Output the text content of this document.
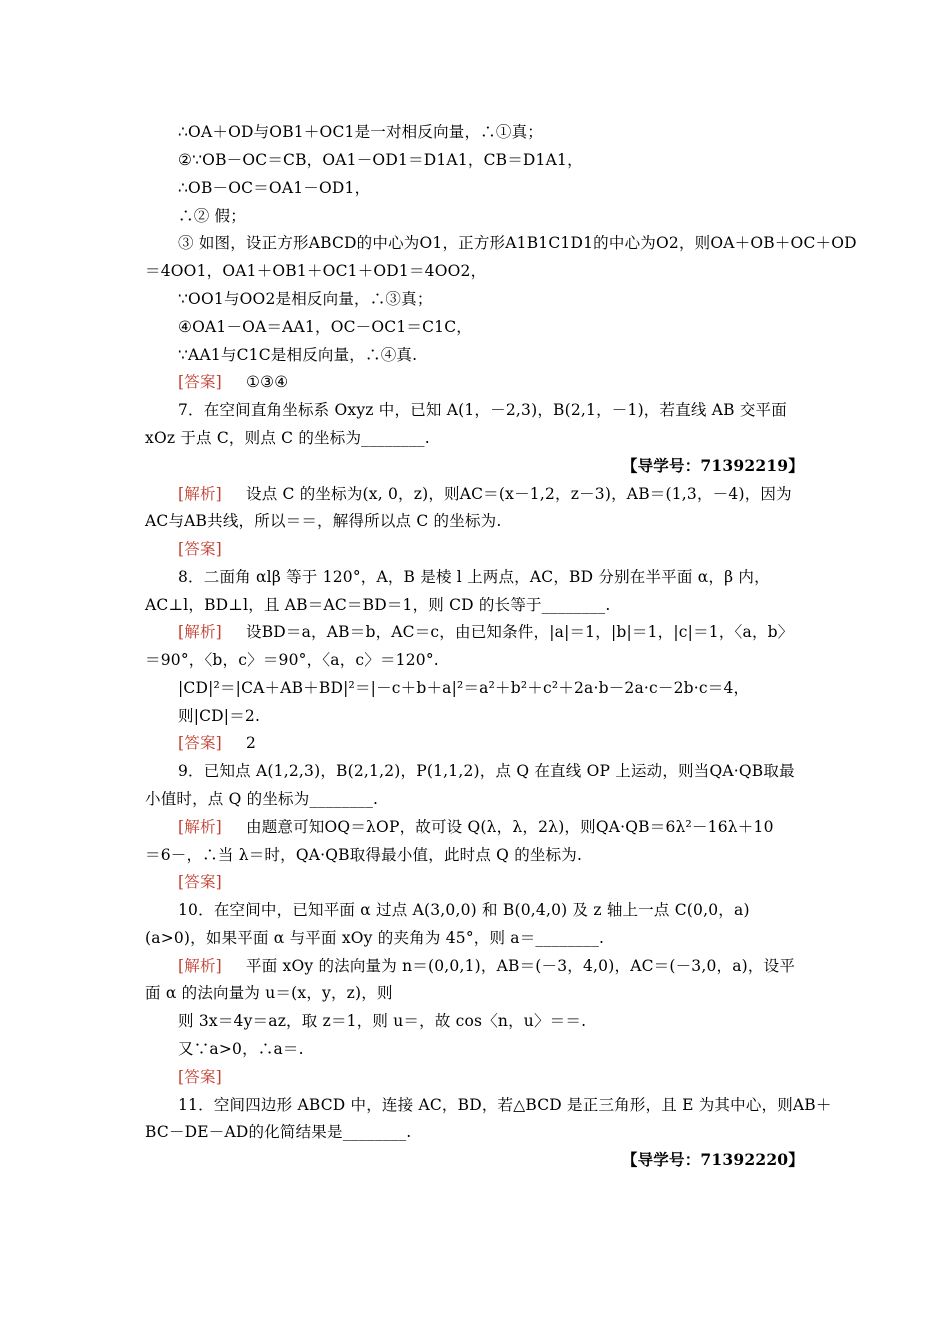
∴OA＋OD与OB1＋OC1是一对相反向量，∴①真；
②∵OB－OC＝CB，OA1－OD1＝D1A1，CB＝D1A1，
∴OB－OC＝OA1－OD1，
∴② 假；
③ 如图，设正方形ABCD的中心为O1，正方形A1B1C1D1的中心为O2，则OA＋OB＋OC＋OD
＝4OO1，OA1＋OB1＋OC1＋OD1＝4OO2，
∵OO1与OO2是相反向量，∴③真；
④OA1－OA＝AA1，OC－OC1＝C1C，
∵AA1与C1C是相反向量，∴④真.
[答案] ①③④
7．在空间直角坐标系 Oxyz 中，已知 A(1，－2,3)，B(2,1，－1)，若直线 AB 交平面
xOz 于点 C，则点 C 的坐标为________.
【导学号：71392219】
[解析] 设点 C 的坐标为(x, 0，z)，则AC＝(x－1,2，z－3)，AB＝(1,3，－4)，因为
AC与AB共线，所以＝＝，解得所以点 C 的坐标为.
[答案]
8．二面角 αlβ 等于 120°，A，B 是棱 l 上两点，AC，BD 分别在半平面 α，β 内，
AC⊥l，BD⊥l，且 AB＝AC＝BD＝1，则 CD 的长等于________.
[解析] 设BD＝a，AB＝b，AC＝c，由已知条件，|a|＝1，|b|＝1，|c|＝1，〈a，b〉
＝90°，〈b，c〉＝90°，〈a，c〉＝120°.
|CD|²＝|CA＋AB＋BD|²＝|－c＋b＋a|²＝a²＋b²＋c²＋2a·b－2a·c－2b·c＝4，
则|CD|＝2.
[答案] 2
9．已知点 A(1,2,3)，B(2,1,2)，P(1,1,2)，点 Q 在直线 OP 上运动，则当QA·QB取最
小值时，点 Q 的坐标为________.
[解析] 由题意可知OQ＝λOP，故可设 Q(λ，λ，2λ)，则QA·QB＝6λ²－16λ＋10
＝6－，∴当 λ＝时，QA·QB取得最小值，此时点 Q 的坐标为.
[答案]
10．在空间中，已知平面 α 过点 A(3,0,0) 和 B(0,4,0) 及 z 轴上一点 C(0,0，a)
(a>0)，如果平面 α 与平面 xOy 的夹角为 45°，则 a＝________.
[解析] 平面 xOy 的法向量为 n＝(0,0,1)，AB＝(－3，4,0)，AC＝(－3,0，a)，设平
面 α 的法向量为 u＝(x，y，z)，则
则 3x＝4y＝az，取 z＝1，则 u＝，故 cos〈n，u〉＝＝.
又∵a>0，∴a＝.
[答案]
11．空间四边形 ABCD 中，连接 AC，BD，若△BCD 是正三角形，且 E 为其中心，则AB＋
BC－DE－AD的化简结果是________.
【导学号：71392220】
